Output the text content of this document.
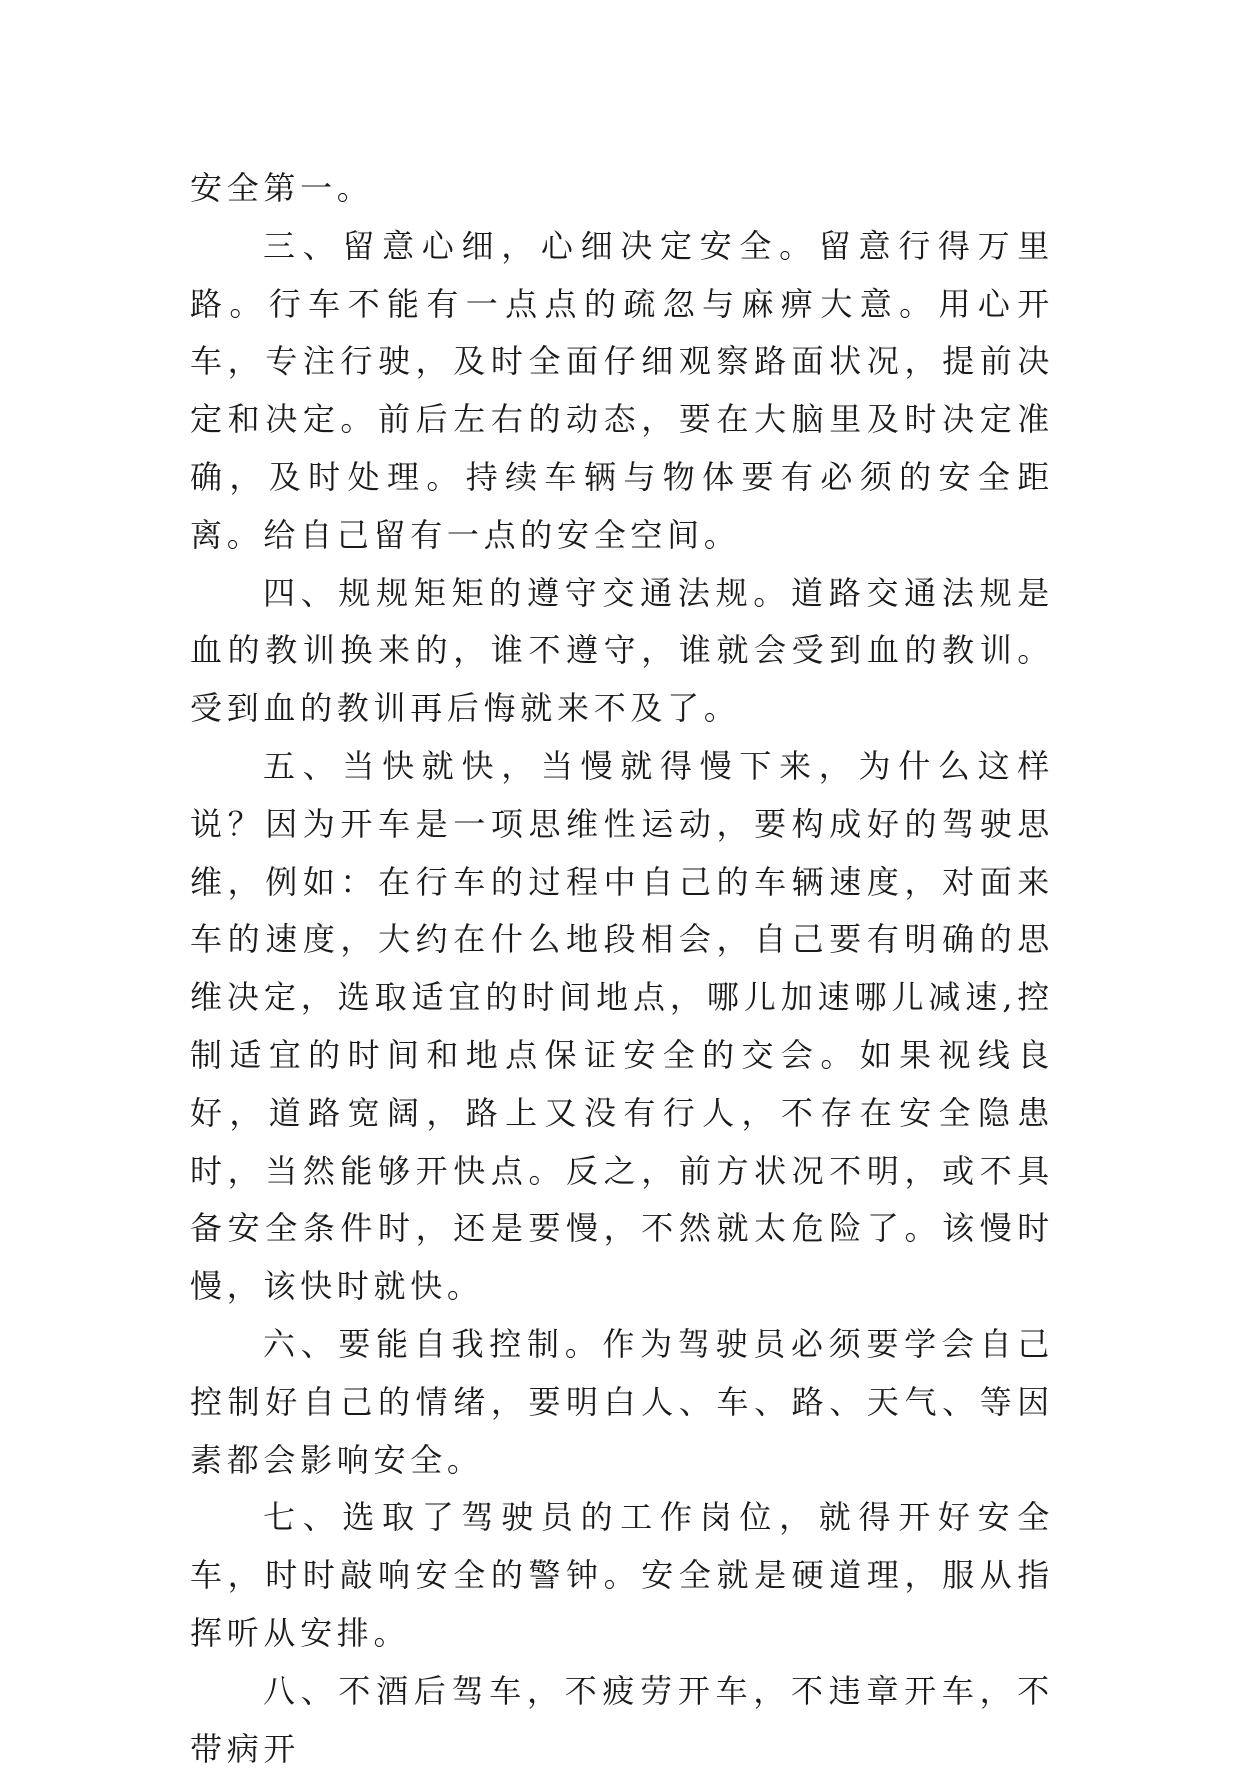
安全第一。

三、留意心细，心细决定安全。留意行得万里路。行车不能有一点点的疏忽与麻痹大意。用心开车，专注行驶，及时全面仔细观察路面状况，提前决定和决定。前后左右的动态，要在大脑里及时决定准确，及时处理。持续车辆与物体要有必须的安全距离。给自己留有一点的安全空间。

四、规规矩矩的遵守交通法规。道路交通法规是血的教训换来的，谁不遵守，谁就会受到血的教训。受到血的教训再后悔就来不及了。

五、当快就快，当慢就得慢下来，为什么这样说？因为开车是一项思维性运动，要构成好的驾驶思维，例如：在行车的过程中自己的车辆速度，对面来车的速度，大约在什么地段相会，自己要有明确的思维决定，选取适宜的时间地点，哪儿加速哪儿减速,控制适宜的时间和地点保证安全的交会。如果视线良好，道路宽阔，路上又没有行人，不存在安全隐患时，当然能够开快点。反之，前方状况不明，或不具备安全条件时，还是要慢，不然就太危险了。该慢时慢，该快时就快。

六、要能自我控制。作为驾驶员必须要学会自己控制好自己的情绪，要明白人、车、路、天气、等因素都会影响安全。

七、选取了驾驶员的工作岗位，就得开好安全车，时时敲响安全的警钟。安全就是硬道理，服从指挥听从安排。

八、不酒后驾车，不疲劳开车，不违章开车，不带病开
